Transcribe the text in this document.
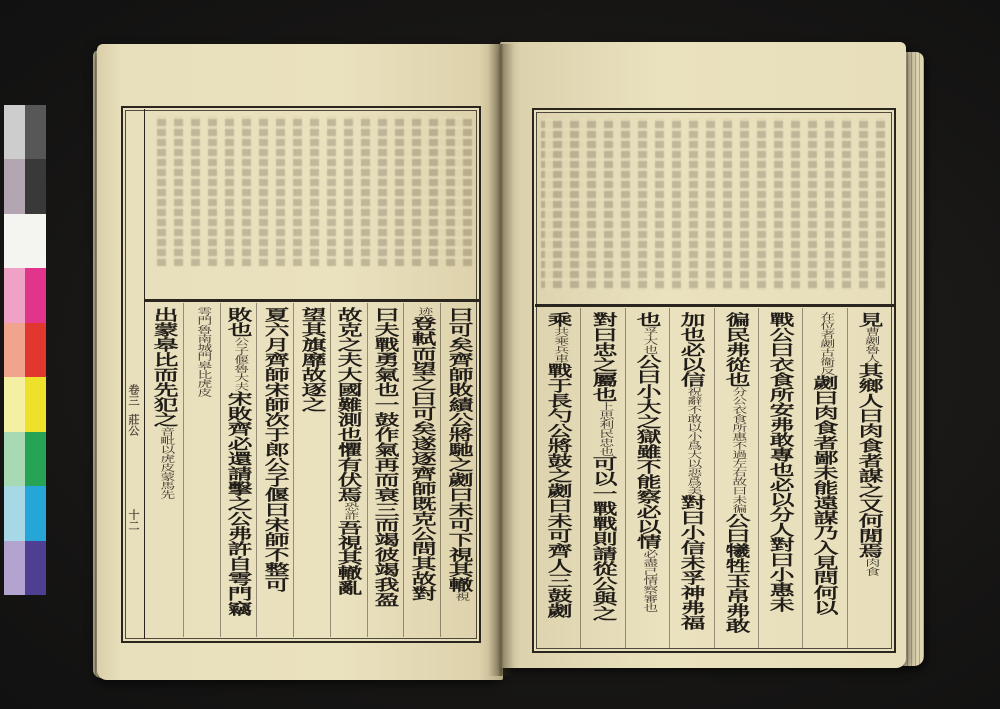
卷三
莊公
十二	曰可矣齊師敗績公將馳之劌曰未可下視其轍視
迹登軾而望之曰可矣遂逐齊師既克公問其故對
曰夫戰勇氣也一鼓作氣再而衰三而竭彼竭我盈
故克之夫大國難測也懼有伏焉恐詐吾視其轍亂
望其旗靡故逐之
夏六月齊師宋師次于郎公子偃曰宋師不整可
敗也公子偃魯大夫宋敗齊必還請擊之公弗許自雩門竊
雩門魯南城門皋比虎皮
出蒙皋比而先犯之音毗以虎皮蒙馬先
見曹劌魯人其鄉人曰肉食者謀之又何閒焉肉食
在位者劌古衞反劌曰肉食者鄙未能遠謀乃入見問何以
戰公曰衣食所安弗敢專也必以分人對曰小惠未
徧民弗從也分公衣食所惠不過左右故曰未徧公曰犧牲玉帛弗敢
加也必以信祝辭不敢以小爲大以惡爲美對曰小信未孚神弗福
也孚大也公曰小大之獄雖不能察必以情必盡己情察審也
對曰忠之屬也上思利民忠也可以一戰戰則請從公與之
乘共乘兵車戰于長勺公將鼓之劌曰未可齊人三鼓劌
